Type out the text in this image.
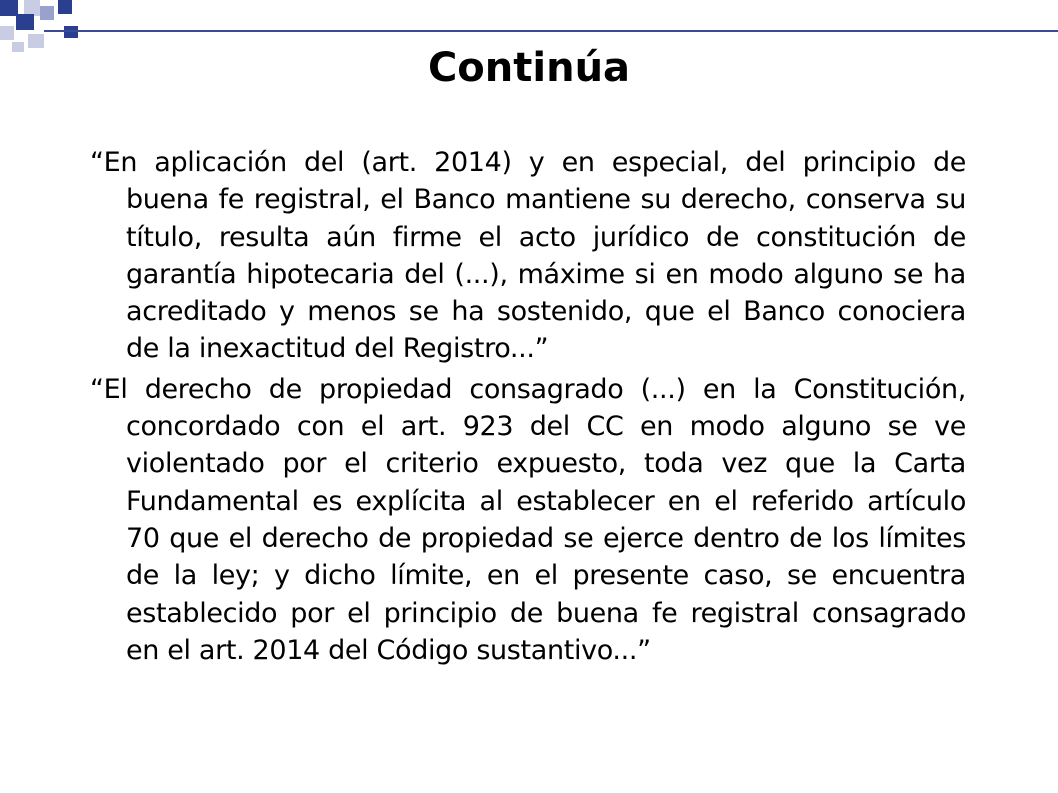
Continúa

“En aplicación del (art. 2014) y en especial, del principio de buena fe registral, el Banco mantiene su derecho, conserva su título, resulta aún firme el acto jurídico de constitución de garantía hipotecaria del (...), máxime si en modo alguno se ha acreditado y menos se ha sostenido, que el Banco conociera de la inexactitud del Registro...”

“El derecho de propiedad consagrado (...) en la Constitución, concordado con el art. 923 del CC en modo alguno se ve violentado por el criterio expuesto, toda vez que la Carta Fundamental es explícita al establecer en el referido artículo 70 que el derecho de propiedad se ejerce dentro de los límites de la ley; y dicho límite, en el presente caso, se encuentra establecido por el principio de buena fe registral consagrado en el art. 2014 del Código sustantivo...”
